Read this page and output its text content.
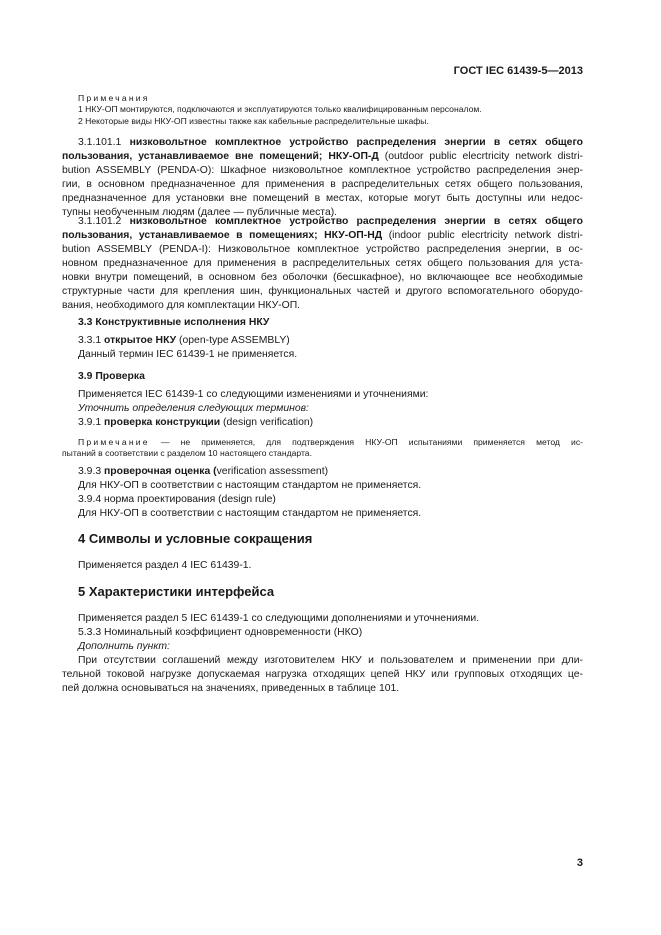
ГОСТ IEC 61439-5—2013
Примечания
1 НКУ-ОП монтируются, подключаются и эксплуатируются только квалифицированным персоналом.
2 Некоторые виды НКУ-ОП известны также как кабельные распределительные шкафы.
3.1.101.1 низковольтное комплектное устройство распределения энергии в сетях общего
пользования, устанавливаемое вне помещений; НКУ-ОП-Д (outdoor public elecrtricity network distri-
bution ASSEMBLY (PENDA-O): Шкафное низковольтное комплектное устройство распределения энер-
гии, в основном предназначенное для применения в распределительных сетях общего пользования,
предназначенное для установки вне помещений в местах, которые могут быть доступны или недос-
тупны необученным людям (далее — публичные места).
3.1.101.2 низковольтное комплектное устройство распределения энергии в сетях общего
пользования, устанавливаемое в помещениях; НКУ-ОП-НД (indoor public elecrtricity network distri-
bution ASSEMBLY (PENDA-I): Низковольтное комплектное устройство распределения энергии, в ос-
новном предназначенное для применения в распределительных сетях общего пользования для уста-
новки внутри помещений, в основном без оболочки (бесшкафное), но включающее все необходимые
структурные части для крепления шин, функциональных частей и другого вспомогательного оборудо-
вания, необходимого для комплектации НКУ-ОП.
3.3 Конструктивные исполнения НКУ
3.3.1 открытое НКУ (open-type ASSEMBLY)
Данный термин IEC 61439-1 не применяется.
3.9 Проверка
Применяется IEC 61439-1 со следующими изменениями и уточнениями:
Уточнить определения следующих терминов:
3.9.1 проверка конструкции (design verification)
Примечание — не применяется, для подтверждения НКУ-ОП испытаниями применяется метод ис-
пытаний в соответствии с разделом 10 настоящего стандарта.
3.9.3 проверочная оценка (verification assessment)
Для НКУ-ОП в соответствии с настоящим стандартом не применяется.
3.9.4 норма проектирования (design rule)
Для НКУ-ОП в соответствии с настоящим стандартом не применяется.
4 Символы и условные сокращения
Применяется раздел 4 IEC 61439-1.
5 Характеристики интерфейса
Применяется раздел 5 IEC 61439-1 со следующими дополнениями и уточнениями.
5.3.3 Номинальный коэффициент одновременности (НКО)
Дополнить пункт:
При отсутствии соглашений между изготовителем НКУ и пользователем и применении при дли-
тельной токовой нагрузке допускаемая нагрузка отходящих цепей НКУ или групповых отходящих це-
пей должна основываться на значениях, приведенных в таблице 101.
3
